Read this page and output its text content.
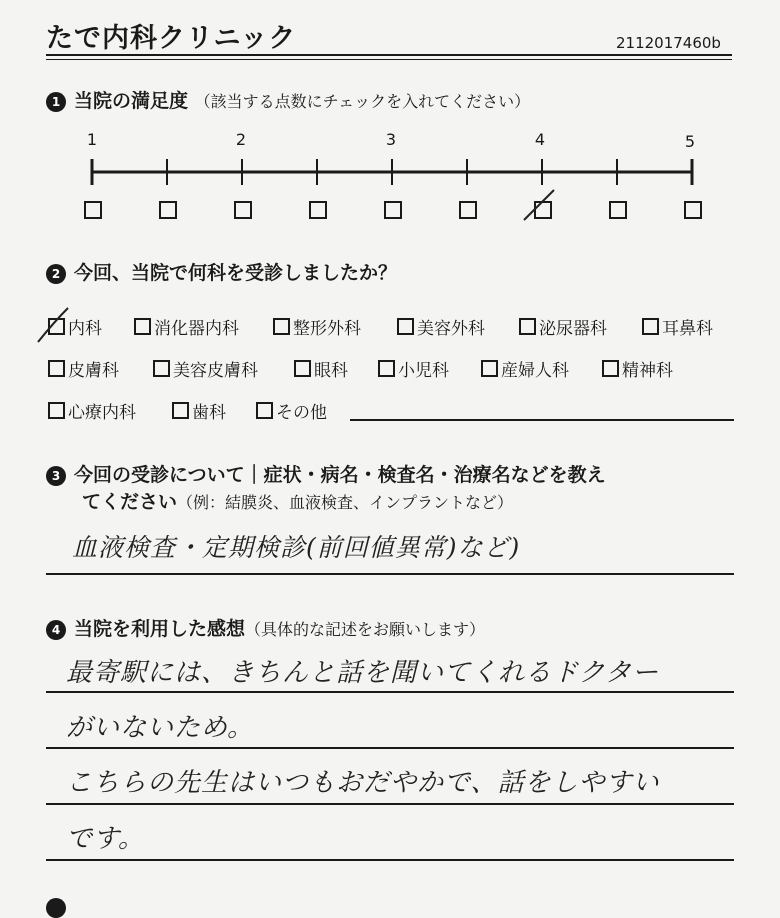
たで内科クリニック	2112017460b
1 当院の満足度 （該当する点数にチェックを入れてください）
1	2	3	4	5
2 今回、当院で何科を受診しましたか？
内科	消化器内科	整形外科	美容外科	泌尿器科	耳鼻科
皮膚科	美容皮膚科	眼科	小児科	産婦人科	精神科
心療内科	歯科	その他
3 今回の受診について｜症状・病名・検査名・治療名などを教え
てください（例：結膜炎、血液検査、インプラントなど）
血液検査・定期検診(前回値異常)など)
4 当院を利用した感想（具体的な記述をお願いします）
最寄駅には、きちんと話を聞いてくれるドクター
がいないため。
こちらの先生はいつもおだやかで、話をしやすい
です。
